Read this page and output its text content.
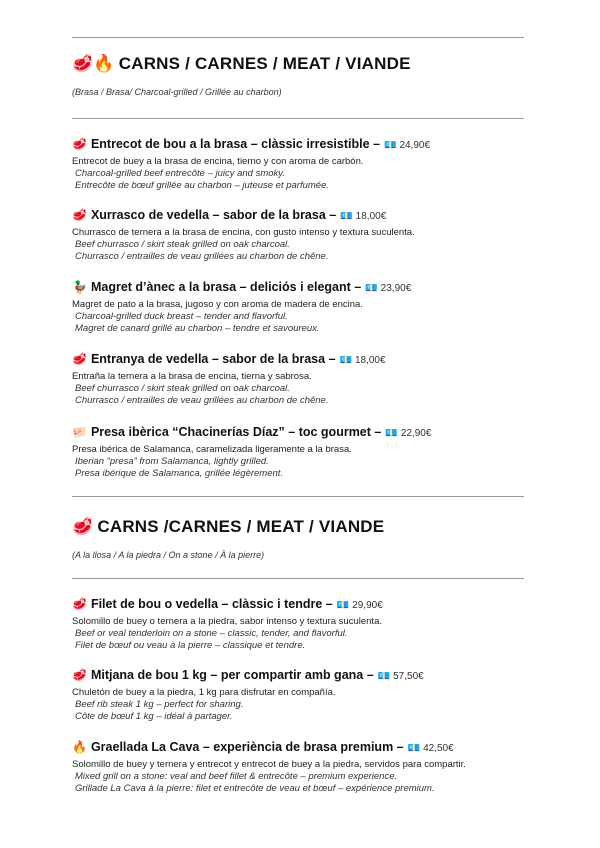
🥩🔥 CARNS / CARNES / MEAT / VIANDE
(Brasa / Brasa/ Charcoal-grilled / Grillée au charbon)
🥩 Entrecot de bou a la brasa – clàssic irresistible – 💶 24,90€
Entrecot de buey a la brasa de encina, tierno y con aroma de carbón.
Charcoal-grilled beef entrecôte – juicy and smoky.
Entrecôte de bœuf grillée au charbon – juteuse et parfumée.
🥩 Xurrasco de vedella – sabor de la brasa – 💶 18,00€
Churrasco de ternera a la brasa de encina, con gusto intenso y textura suculenta.
Beef churrasco / skirt steak grilled on oak charcoal.
Churrasco / entrailles de veau grillées au charbon de chêne.
🦆 Magret d’ànec a la brasa – deliciós i elegant – 💶 23,90€
Magret de pato a la brasa, jugoso y con aroma de madera de encina.
Charcoal-grilled duck breast – tender and flavorful.
Magret de canard grillé au charbon – tendre et savoureux.
🥩 Entranya de vedella – sabor de la brasa – 💶 18,00€
Entraña la ternera a la brasa de encina, tierna y sabrosa.
Beef churrasco / skirt steak grilled on oak charcoal.
Churrasco / entrailles de veau grillées au charbon de chêne.
🐖 Presa ibèrica “Chacinerías Díaz” – toc gourmet – 💶 22,90€
Presa ibérica de Salamanca, caramelizada ligeramente a la brasa.
Iberian “presa” from Salamanca, lightly grilled.
Presa ibérique de Salamanca, grillée légèrement.
🥩 CARNS /CARNES / MEAT / VIANDE
(A la llosa / A la piedra / On a stone / À la pierre)
🥩 Filet de bou o vedella – clàssic i tendre – 💶 29,90€
Solomillo de buey o ternera a la piedra, sabor intenso y textura suculenta.
Beef or veal tenderloin on a stone – classic, tender, and flavorful.
Filet de bœuf ou veau à la pierre – classique et tendre.
🥩 Mitjana de bou 1 kg – per compartir amb gana – 💶 57,50€
Chuletón de buey a la piedra, 1 kg para disfrutar en compañía.
Beef rib steak 1 kg – perfect for sharing.
Côte de bœuf 1 kg – idéal à partager.
🔥 Graellada La Cava – experiència de brasa premium – 💶 42,50€
Solomillo de buey y ternera y entrecot y entrecot de buey a la piedra, servidos para compartir.
Mixed grill on a stone: veal and beef fillet & entrecôte – premium experience.
Grillade La Cava à la pierre: filet et entrecôte de veau et bœuf – expérience premium.
